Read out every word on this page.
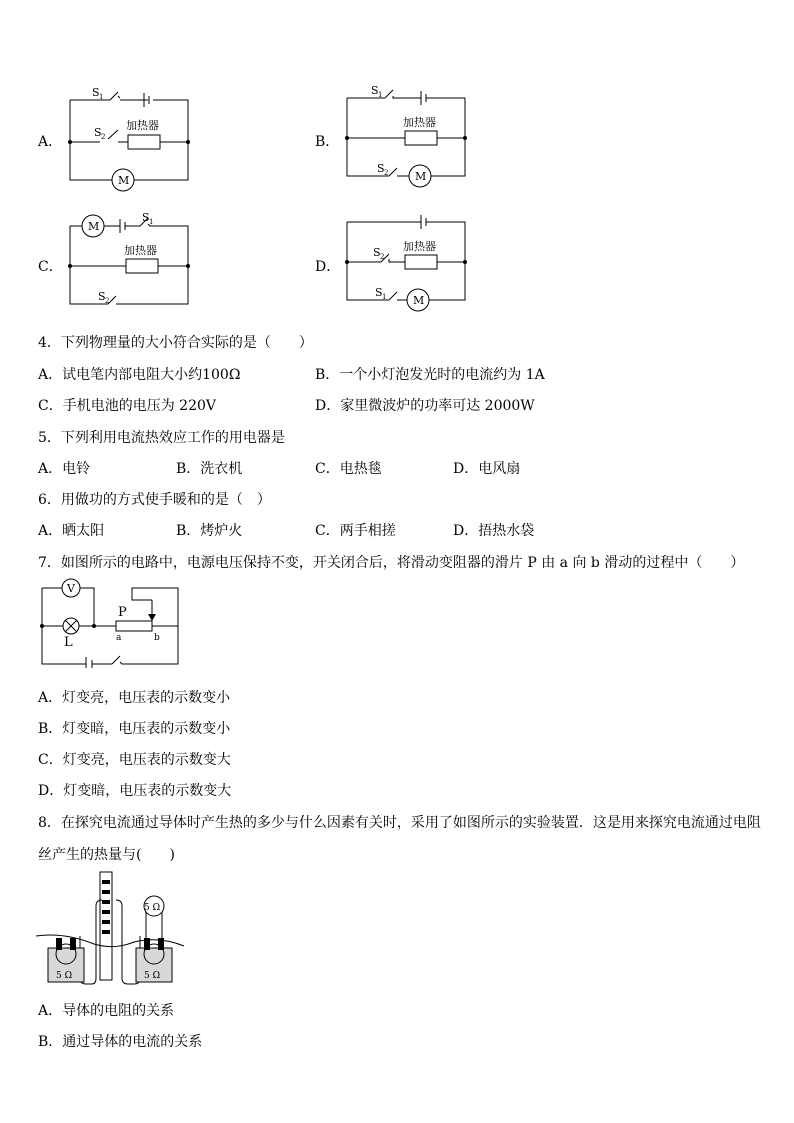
A．
S 1
S 2
加热器
M
B．
S 1
加热器
S 2 M
C．
M
S 1
加热器
S 2
D．
S 2
加热器
S 1 M
4．下列物理量的大小符合实际的是（　　）
A．试电笔内部电阻大小约100Ω	B．一个小灯泡发光时的电流约为 1A
C．手机电池的电压为 220V	D．家里微波炉的功率可达 2000W
5．下列利用电流热效应工作的用电器是
A．电铃	B．洗衣机	C．电热毯	D．电风扇
6．用做功的方式使手暖和的是（　）
A．晒太阳	B．烤炉火	C．两手相搓	D．捂热水袋
7．如图所示的电路中，电源电压保持不变，开关闭合后，将滑动变阻器的滑片 P 由 a 向 b 滑动的过程中（　　）
V
L
P
a	b
A．灯变亮，电压表的示数变小
B．灯变暗，电压表的示数变小
C．灯变亮，电压表的示数变大
D．灯变暗，电压表的示数变大
8．在探究电流通过导体时产生热的多少与什么因素有关时，采用了如图所示的实验装置．这是用来探究电流通过电阻
丝产生的热量与(　　)
5 Ω
5 Ω	5 Ω
A．导体的电阻的关系
B．通过导体的电流的关系
